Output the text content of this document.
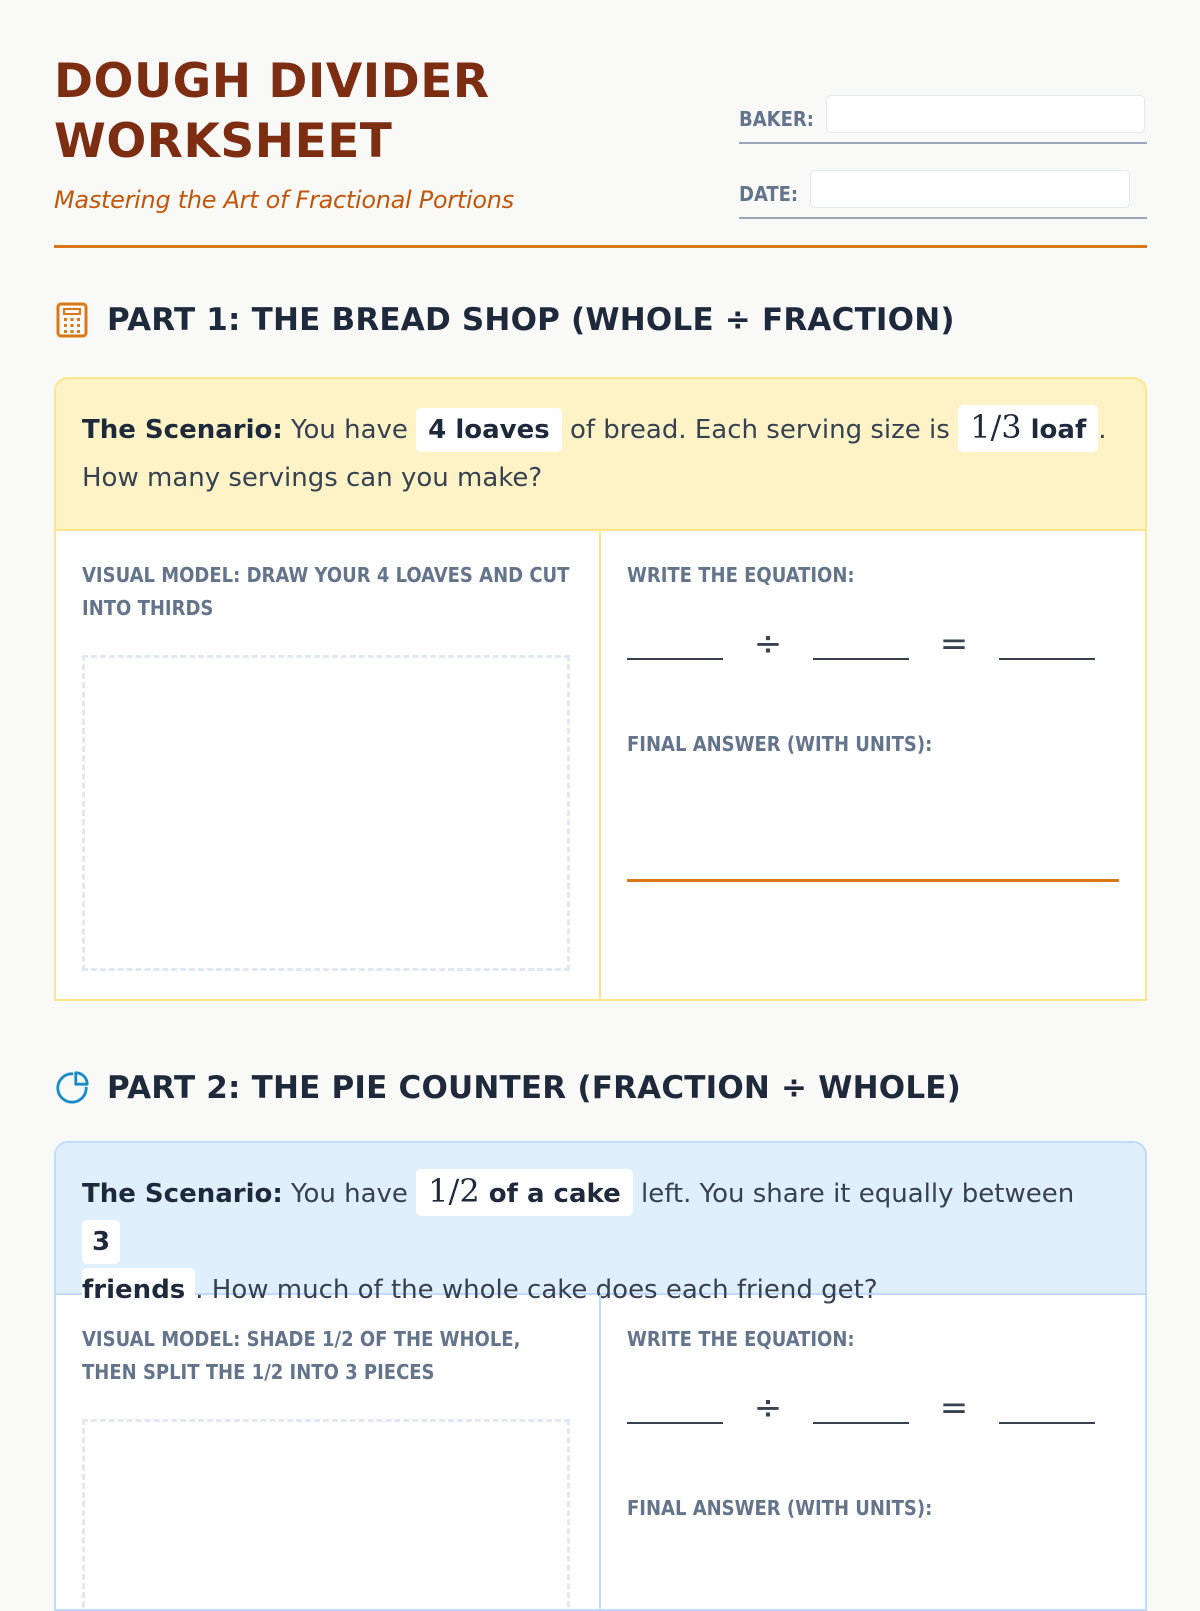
DOUGH DIVIDER WORKSHEET
Mastering the Art of Fractional Portions
BAKER:
DATE:
PART 1: THE BREAD SHOP (WHOLE ÷ FRACTION)
The Scenario: You have 4 loaves of bread. Each serving size is 1/3 loaf . How many servings can you make?
VISUAL MODEL: DRAW YOUR 4 LOAVES AND CUT INTO THIRDS
WRITE THE EQUATION:
÷	=
FINAL ANSWER (WITH UNITS):
PART 2: THE PIE COUNTER (FRACTION ÷ WHOLE)
The Scenario: You have 1/2 of a cake left. You share it equally between 3
friends . How much of the whole cake does each friend get?
VISUAL MODEL: SHADE 1/2 OF THE WHOLE, THEN SPLIT THE 1/2 INTO 3 PIECES
WRITE THE EQUATION:
÷	=
FINAL ANSWER (WITH UNITS):
